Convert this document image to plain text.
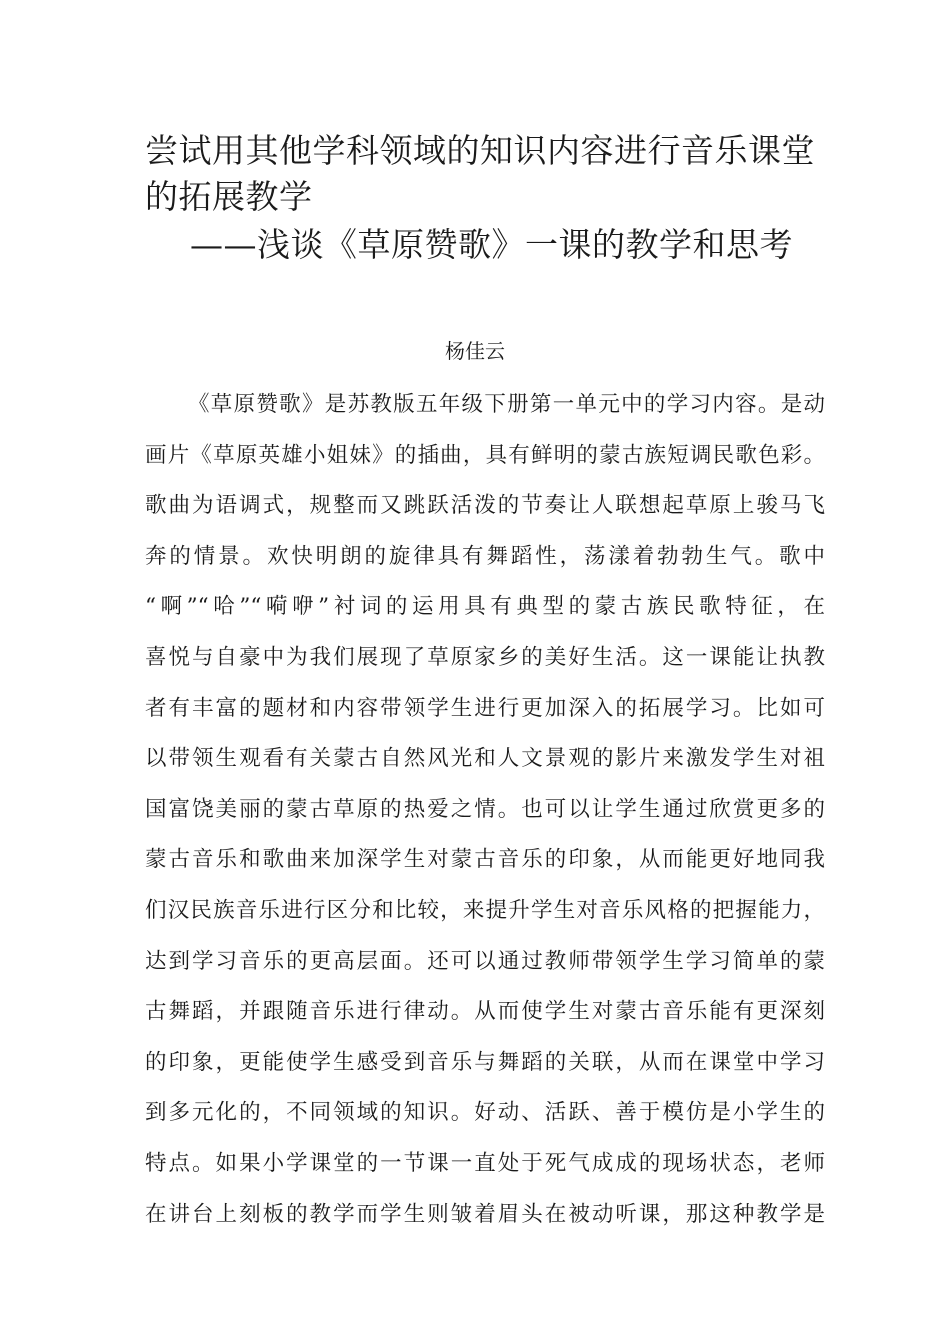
尝试用其他学科领域的知识内容进行音乐课堂
的拓展教学
——浅谈《草原赞歌》一课的教学和思考
杨佳云
《草原赞歌》是苏教版五年级下册第一单元中的学习内容。是动
画片《草原英雄小姐妹》的插曲，具有鲜明的蒙古族短调民歌色彩。
歌曲为语调式，规整而又跳跃活泼的节奏让人联想起草原上骏马飞
奔的情景。欢快明朗的旋律具有舞蹈性，荡漾着勃勃生气。歌中
“啊”“哈”“嗬咿”衬词的运用具有典型的蒙古族民歌特征，在
喜悦与自豪中为我们展现了草原家乡的美好生活。这一课能让执教
者有丰富的题材和内容带领学生进行更加深入的拓展学习。比如可
以带领生观看有关蒙古自然风光和人文景观的影片来激发学生对祖
国富饶美丽的蒙古草原的热爱之情。也可以让学生通过欣赏更多的
蒙古音乐和歌曲来加深学生对蒙古音乐的印象，从而能更好地同我
们汉民族音乐进行区分和比较，来提升学生对音乐风格的把握能力，
达到学习音乐的更高层面。还可以通过教师带领学生学习简单的蒙
古舞蹈，并跟随音乐进行律动。从而使学生对蒙古音乐能有更深刻
的印象，更能使学生感受到音乐与舞蹈的关联，从而在课堂中学习
到多元化的，不同领域的知识。好动、活跃、善于模仿是小学生的
特点。如果小学课堂的一节课一直处于死气成成的现场状态，老师
在讲台上刻板的教学而学生则皱着眉头在被动听课，那这种教学是
